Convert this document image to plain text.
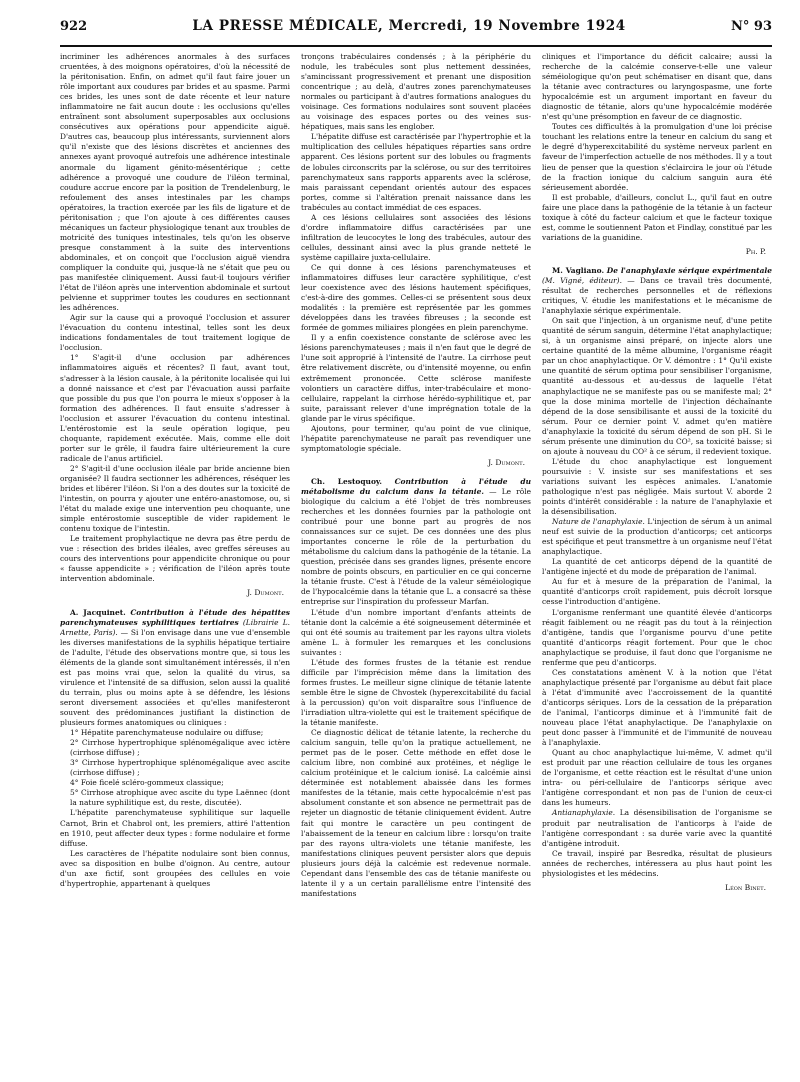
922	LA PRESSE MÉDICALE, Mercredi, 19 Novembre 1924	N° 93

incriminer les adhérences anormales à des surfaces cruentées, à des moignons opératoires, d'où la nécessité de la péritonisation. Enfin, on admet qu'il faut faire jouer un rôle important aux coudures par brides et au spasme. Parmi ces brides, les unes sont de date récente et leur nature inflammatoire ne fait aucun doute : les occlusions qu'elles entraînent sont absolument superposables aux occlusions consécutives aux opérations pour appendicite aiguë. D'autres cas, beaucoup plus intéressants, surviennent alors qu'il n'existe que des lésions discrètes et anciennes des annexes ayant provoqué autrefois une adhérence intestinale anormale du ligament génito-mésentérique ; cette adhérence a provoqué une coudure de l'iléon terminal, coudure accrue encore par la position de Trendelenburg, le refoulement des anses intestinales par les champs opératoires, la traction exercée par les fils de ligature et de péritonisation ; que l'on ajoute à ces différentes causes mécaniques un facteur physiologique tenant aux troubles de motricité des tuniques intestinales, tels qu'on les observe presque constamment à la suite des interventions abdominales, et on conçoit que l'occlusion aiguë viendra compliquer la conduite qui, jusque-là ne s'était que peu ou pas manifestée cliniquement. Aussi faut-il toujours vérifier l'état de l'iléon après une intervention abdominale et surtout pelvienne et supprimer toutes les coudures en sectionnant les adhérences.

Agir sur la cause qui a provoqué l'occlusion et assurer l'évacuation du contenu intestinal, telles sont les deux indications fondamentales de tout traitement logique de l'occlusion.

1° S'agit-il d'une occlusion par adhérences inflammatoires aiguës et récentes? Il faut, avant tout, s'adresser à la lésion causale, à la péritonite localisée qui lui a donné naissance et c'est par l'évacuation aussi parfaite que possible du pus que l'on pourra le mieux s'opposer à la formation des adhérences. Il faut ensuite s'adresser à l'occlusion et assurer l'évacuation du contenu intestinal. L'entérostomie est la seule opération logique, peu choquante, rapidement exécutée. Mais, comme elle doit porter sur le grêle, il faudra faire ultérieurement la cure radicale de l'anus artificiel.

2° S'agit-il d'une occlusion iléale par bride ancienne bien organisée? Il faudra sectionner les adhérences, réséquer les brides et libérer l'iléon. Si l'on a des doutes sur la toxicité de l'intestin, on pourra y ajouter une entéro-anastomose, ou, si l'état du malade exige une intervention peu choquante, une simple entérostomie susceptible de vider rapidement le contenu toxique de l'intestin.

Le traitement prophylactique ne devra pas être perdu de vue : résection des brides iléales, avec greffes séreuses au cours des interventions pour appendicite chronique ou pour « fausse appendicite » ; vérification de l'iléon après toute intervention abdominale.

J. Dumont.

A. Jacquinet. Contribution à l'étude des hépatites parenchymateuses syphilitiques tertiaires (Librairie L. Arnette, Paris). — Si l'on envisage dans une vue d'ensemble les diverses manifestations de la syphilis hépatique tertiaire de l'adulte, l'étude des observations montre que, si tous les éléments de la glande sont simultanément intéressés, il n'en est pas moins vrai que, selon la qualité du virus, sa virulence et l'intensité de sa diffusion, selon aussi la qualité du terrain, plus ou moins apte à se défendre, les lésions seront diversement associées et qu'elles manifesteront souvent des prédominances justifiant la distinction de plusieurs formes anatomiques ou cliniques :

1° Hépatite parenchymateuse nodulaire ou diffuse;

2° Cirrhose hypertrophique splénomégalique avec ictère (cirrhose diffuse) ;

3° Cirrhose hypertrophique splénomégalique avec ascite (cirrhose diffuse) ;

4° Foie ficelé scléro-gommeux classique;

5° Cirrhose atrophique avec ascite du type Laënnec (dont la nature syphilitique est, du reste, discutée).

L'hépatite parenchymateuse syphilitique sur laquelle Carnot, Brin et Chabrol ont, les premiers, attiré l'attention en 1910, peut affecter deux types : forme nodulaire et forme diffuse.

Les caractères de l'hépatite nodulaire sont bien connus, avec sa disposition en bulbe d'oignon. Au centre, autour d'un axe fictif, sont groupées des cellules en voie d'hypertrophie, appartenant à quelques

tronçons trabéculaires condensés ; à la périphérie du nodule, les trabécules sont plus nettement dessinées, s'amincissant progressivement et prenant une disposition concentrique ; au delà, d'autres zones parenchymateuses normales ou participant à d'autres formations analogues du voisinage. Ces formations nodulaires sont souvent placées au voisinage des espaces portes ou des veines sus-hépatiques, mais sans les englober.

L'hépatite diffuse est caractérisée par l'hypertrophie et la multiplication des cellules hépatiques réparties sans ordre apparent. Ces lésions portent sur des lobules ou fragments de lobules circonscrits par la sclérose, ou sur des territoires parenchymateux sans rapports apparents avec la sclérose, mais paraissant cependant orientés autour des espaces portes, comme si l'altération prenait naissance dans les trabécules au contact immédiat de ces espaces.

A ces lésions cellulaires sont associées des lésions d'ordre inflammatoire diffus caractérisées par une infiltration de leucocytes le long des trabécules, autour des cellules, dessinant ainsi avec la plus grande netteté le système capillaire juxta-cellulaire.

Ce qui donne à ces lésions parenchymateuses et inflammatoires diffuses leur caractère syphilitique, c'est leur coexistence avec des lésions hautement spécifiques, c'est-à-dire des gommes. Celles-ci se présentent sous deux modalités : la première est représentée par les gommes développées dans les travées fibreuses ; la seconde est formée de gommes miliaires plongées en plein parenchyme.

Il y a enfin coexistence constante de sclérose avec les lésions parenchymateuses ; mais il n'en faut que le degré de l'une soit approprié à l'intensité de l'autre. La cirrhose peut être relativement discrète, ou d'intensité moyenne, ou enfin extrêmement prononcée. Cette sclérose manifeste volontiers un caractère diffus, inter-trabéculaire et mono-cellulaire, rappelant la cirrhose hérédo-syphilitique et, par suite, paraissant relever d'une imprégnation totale de la glande par le virus spécifique.

Ajoutons, pour terminer, qu'au point de vue clinique, l'hépatite parenchymateuse ne paraît pas revendiquer une symptomatologie spéciale.

J. Dumont.

Ch. Lestoquoy. Contribution à l'étude du métabolisme du calcium dans la tétanie. — Le rôle biologique du calcium a été l'objet de très nombreuses recherches et les données fournies par la pathologie ont contribué pour une bonne part au progrès de nos connaissances sur ce sujet. De ces données une des plus importantes concerne le rôle de la perturbation du métabolisme du calcium dans la pathogénie de la tétanie. La question, précisée dans ses grandes lignes, présente encore nombre de points obscurs, en particulier en ce qui concerne la tétanie fruste. C'est à l'étude de la valeur séméiologique de l'hypocalcémie dans la tétanie que L. a consacré sa thèse entreprise sur l'inspiration du professeur Marfan.

L'étude d'un nombre important d'enfants atteints de tétanie dont la calcémie a été soigneusement déterminée et qui ont été soumis au traitement par les rayons ultra violets amène L. à formuler les remarques et les conclusions suivantes :

L'étude des formes frustes de la tétanie est rendue difficile par l'imprécision même dans la limitation des formes frustes. Le meilleur signe clinique de tétanie latente semble être le signe de Chvostek (hyperexcitabilité du facial à la percussion) qu'on voit disparaître sous l'influence de l'irradiation ultra-violette qui est le traitement spécifique de la tétanie manifeste.

Ce diagnostic délicat de tétanie latente, la recherche du calcium sanguin, telle qu'on la pratique actuellement, ne permet pas de le poser. Cette méthode en effet dose le calcium libre, non combiné aux protéines, et néglige le calcium protéinique et le calcium ionisé. La calcémie ainsi déterminée est notablement abaissée dans les formes manifestes de la tétanie, mais cette hypocalcémie n'est pas absolument constante et son absence ne permettrait pas de rejeter un diagnostic de tétanie cliniquement évident. Autre fait qui montre le caractère un peu contingent de l'abaissement de la teneur en calcium libre : lorsqu'on traite par des rayons ultra-violets une tétanie manifeste, les manifestations cliniques peuvent persister alors que depuis plusieurs jours déjà la calcémie est redevenue normale. Cependant dans l'ensemble des cas de tétanie manifeste ou latente il y a un certain parallélisme entre l'intensité des manifestations

cliniques et l'importance du déficit calcaire; aussi la recherche de la calcémie conserve-t-elle une valeur séméiologique qu'on peut schématiser en disant que, dans la tétanie avec contractures ou laryngospasme, une forte hypocalcémie est un argument important en faveur du diagnostic de tétanie, alors qu'une hypocalcémie modérée n'est qu'une présomption en faveur de ce diagnostic.

Toutes ces difficultés à la promulgation d'une loi précise touchant les relations entre la teneur en calcium du sang et le degré d'hyperexcitabilité du système nerveux parlent en faveur de l'imperfection actuelle de nos méthodes. Il y a tout lieu de penser que la question s'éclaircira le jour où l'étude de la fraction ionique du calcium sanguin aura été sérieusement abordée.

Il est probable, d'ailleurs, conclut L., qu'il faut en outre faire une place dans la pathogénie de la tétanie à un facteur toxique à côté du facteur calcium et que le facteur toxique est, comme le soutiennent Paton et Findlay, constitué par les variations de la guanidine.

Ph. P.

M. Vagliano. De l'anaphylaxie sérique expérimentale (M. Vigné, éditeur). — Dans ce travail très documenté, résultat de recherches personnelles et de réflexions critiques, V. étudie les manifestations et le mécanisme de l'anaphylaxie sérique expérimentale.

On sait que l'injection, à un organisme neuf, d'une petite quantité de sérum sanguin, détermine l'état anaphylactique; si, à un organisme ainsi préparé, on injecte alors une certaine quantité de la même albumine, l'organisme réagit par un choc anaphylactique. Or V. démontre : 1° Qu'il existe une quantité de sérum optima pour sensibiliser l'organisme, quantité au-dessous et au-dessus de laquelle l'état anaphylactique ne se manifeste pas ou se manifeste mal; 2° que la dose minima mortelle de l'injection déchaînante dépend de la dose sensibilisante et aussi de la toxicité du sérum. Pour ce dernier point V. admet qu'en matière d'anaphylaxie la toxicité du sérum dépend de son pH. Si le sérum présente une diminution du CO², sa toxicité baisse; si on ajoute à nouveau du CO² à ce sérum, il redevient toxique.

L'étude du choc anaphylactique est longuement poursuivie : V. insiste sur ses manifestations et ses variations suivant les espèces animales. L'anatomie pathologique n'est pas négligée. Mais surtout V. aborde 2 points d'intérêt considérable : la nature de l'anaphylaxie et la désensibilisation.

Nature de l'anaphylaxie. L'injection de sérum à un animal neuf est suivie de la production d'anticorps; cet anticorps est spécifique et peut transmettre à un organisme neuf l'état anaphylactique.

La quantité de cet anticorps dépend de la quantité de l'antigène injecté et du mode de préparation de l'animal.

Au fur et à mesure de la préparation de l'animal, la quantité d'anticorps croît rapidement, puis décroît lorsque cesse l'introduction d'antigène.

L'organisme renfermant une quantité élevée d'anticorps réagit faiblement ou ne réagit pas du tout à la réinjection d'antigène, tandis que l'organisme pourvu d'une petite quantité d'anticorps réagit fortement. Pour que le choc anaphylactique se produise, il faut donc que l'organisme ne renferme que peu d'anticorps.

Ces constatations amènent V. à la notion que l'état anaphylactique présenté par l'organisme au début fait place à l'état d'immunité avec l'accroissement de la quantité d'anticorps sériques. Lors de la cessation de la préparation de l'animal, l'anticorps diminue et à l'immunité fait de nouveau place l'état anaphylactique. De l'anaphylaxie on peut donc passer à l'immunité et de l'immunité de nouveau à l'anaphylaxie.

Quant au choc anaphylactique lui-même, V. admet qu'il est produit par une réaction cellulaire de tous les organes de l'organisme, et cette réaction est le résultat d'une union intra- ou péri-cellulaire de l'anticorps sérique avec l'antigène correspondant et non pas de l'union de ceux-ci dans les humeurs.

Antianaphylaxie. La désensibilisation de l'organisme se produit par neutralisation de l'anticorps à l'aide de l'antigène correspondant : sa durée varie avec la quantité d'antigène introduit.

Ce travail, inspiré par Besredka, résultat de plusieurs années de recherches, intéressera au plus haut point les physiologistes et les médecins.

Léon Binet.
